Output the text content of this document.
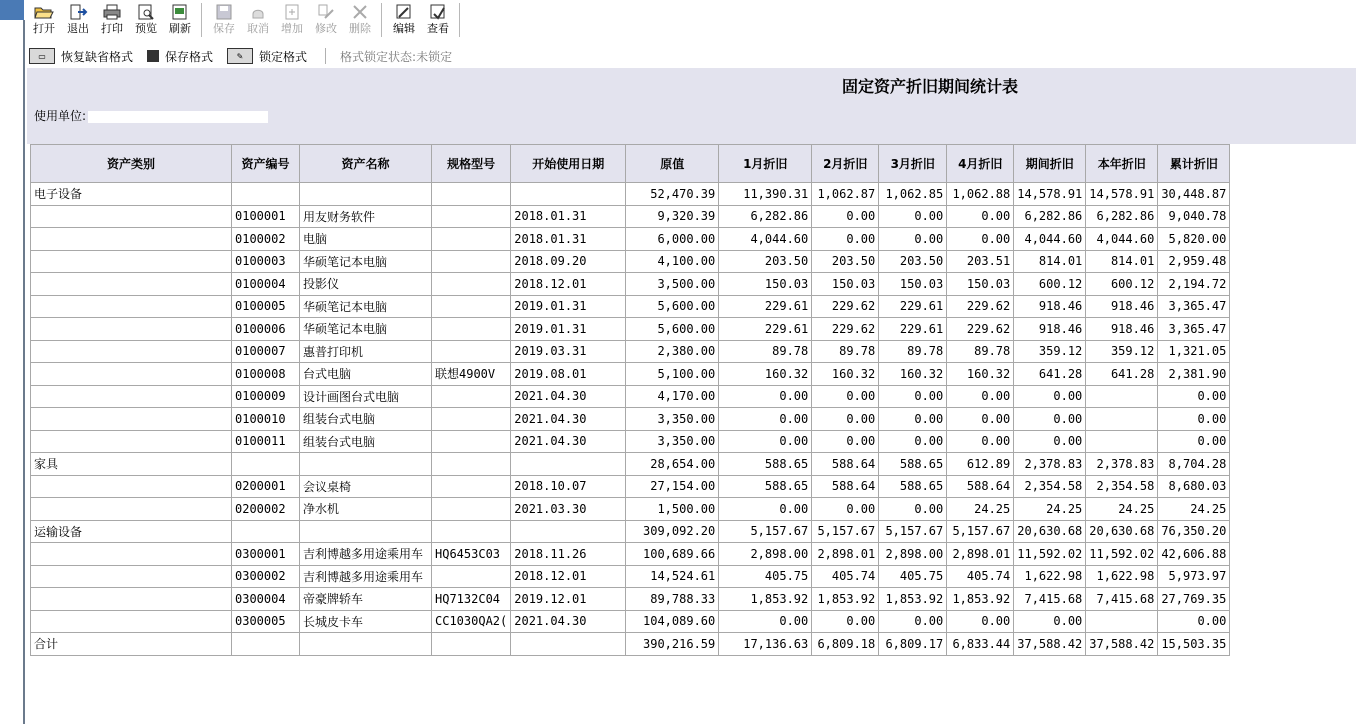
打开 退出 打印 预览 刷新 保存 取消 增加 修改 删除 编辑 查看
▭	恢复缺省格式	保存格式	✎	锁定格式	格式锁定状态:未锁定
固定资产折旧期间统计表
使用单位:
资产类别	资产编号	资产名称	规格型号	开始使用日期	原值	1月折旧	2月折旧	3月折旧	4月折旧	期间折旧	本年折旧	累计折旧
电子设备					52,470.39	11,390.31	1,062.87	1,062.85	1,062.88	14,578.91	14,578.91	30,448.87
	0100001	用友财务软件		2018.01.31	9,320.39	6,282.86	0.00	0.00	0.00	6,282.86	6,282.86	9,040.78
	0100002	电脑		2018.01.31	6,000.00	4,044.60	0.00	0.00	0.00	4,044.60	4,044.60	5,820.00
	0100003	华硕笔记本电脑		2018.09.20	4,100.00	203.50	203.50	203.50	203.51	814.01	814.01	2,959.48
	0100004	投影仪		2018.12.01	3,500.00	150.03	150.03	150.03	150.03	600.12	600.12	2,194.72
	0100005	华硕笔记本电脑		2019.01.31	5,600.00	229.61	229.62	229.61	229.62	918.46	918.46	3,365.47
	0100006	华硕笔记本电脑		2019.01.31	5,600.00	229.61	229.62	229.61	229.62	918.46	918.46	3,365.47
	0100007	惠普打印机		2019.03.31	2,380.00	89.78	89.78	89.78	89.78	359.12	359.12	1,321.05
	0100008	台式电脑	联想4900V	2019.08.01	5,100.00	160.32	160.32	160.32	160.32	641.28	641.28	2,381.90
	0100009	设计画图台式电脑		2021.04.30	4,170.00	0.00	0.00	0.00	0.00	0.00		0.00
	0100010	组装台式电脑		2021.04.30	3,350.00	0.00	0.00	0.00	0.00	0.00		0.00
	0100011	组装台式电脑		2021.04.30	3,350.00	0.00	0.00	0.00	0.00	0.00		0.00
家具					28,654.00	588.65	588.64	588.65	612.89	2,378.83	2,378.83	8,704.28
	0200001	会议桌椅		2018.10.07	27,154.00	588.65	588.64	588.65	588.64	2,354.58	2,354.58	8,680.03
	0200002	净水机		2021.03.30	1,500.00	0.00	0.00	0.00	24.25	24.25	24.25	24.25
运输设备					309,092.20	5,157.67	5,157.67	5,157.67	5,157.67	20,630.68	20,630.68	76,350.20
	0300001	吉利博越多用途乘用车	HQ6453C03	2018.11.26	100,689.66	2,898.00	2,898.01	2,898.00	2,898.01	11,592.02	11,592.02	42,606.88
	0300002	吉利博越多用途乘用车		2018.12.01	14,524.61	405.75	405.74	405.75	405.74	1,622.98	1,622.98	5,973.97
	0300004	帝豪牌轿车	HQ7132C04	2019.12.01	89,788.33	1,853.92	1,853.92	1,853.92	1,853.92	7,415.68	7,415.68	27,769.35
	0300005	长城皮卡车	CC1030QA2(	2021.04.30	104,089.60	0.00	0.00	0.00	0.00	0.00		0.00
合计					390,216.59	17,136.63	6,809.18	6,809.17	6,833.44	37,588.42	37,588.42	15,503.35
